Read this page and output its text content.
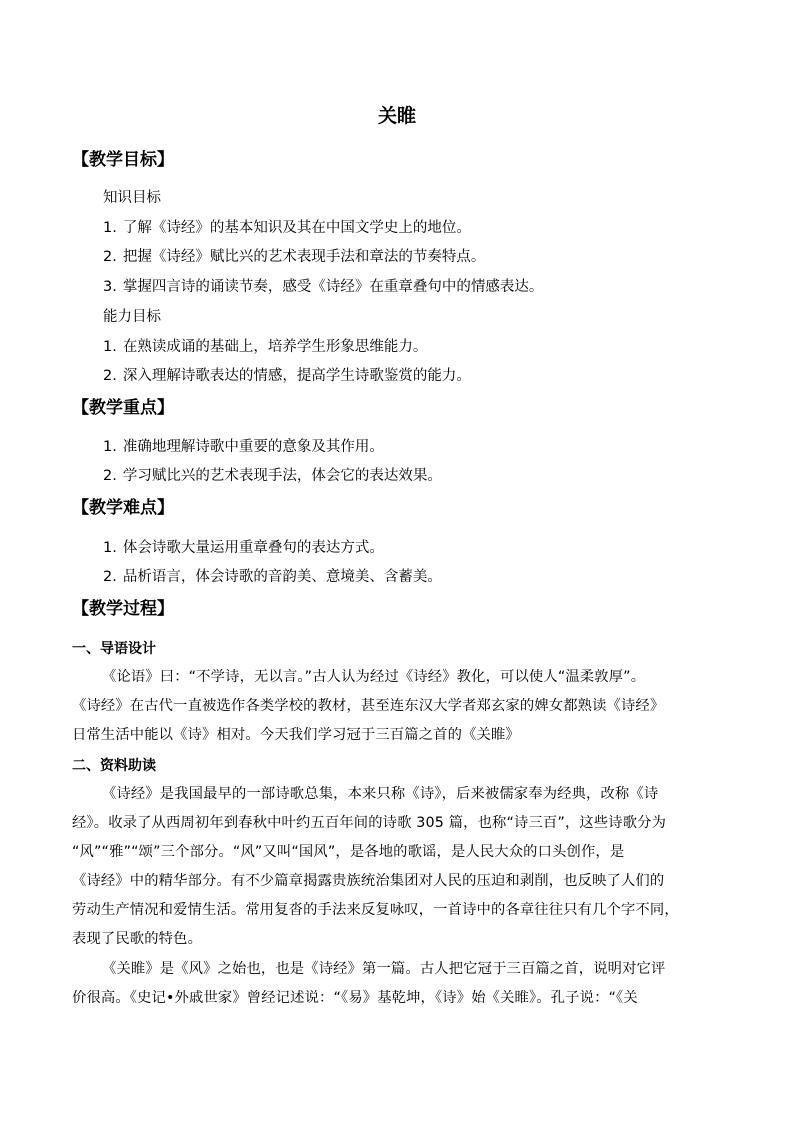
关睢
【教学目标】
知识目标
1. 了解《诗经》的基本知识及其在中国文学史上的地位。
2. 把握《诗经》赋比兴的艺术表现手法和章法的节奏特点。
3. 掌握四言诗的诵读节奏，感受《诗经》在重章叠句中的情感表达。
能力目标
1. 在熟读成诵的基础上，培养学生形象思维能力。
2. 深入理解诗歌表达的情感，提高学生诗歌鉴赏的能力。
【教学重点】
1. 准确地理解诗歌中重要的意象及其作用。
2. 学习赋比兴的艺术表现手法，体会它的表达效果。
【教学难点】
1. 体会诗歌大量运用重章叠句的表达方式。
2. 品析语言，体会诗歌的音韵美、意境美、含蓄美。
【教学过程】
一、导语设计
《论语》曰：“不学诗，无以言。”古人认为经过《诗经》教化，可以使人“温柔敦厚”。
《诗经》在古代一直被选作各类学校的教材，甚至连东汉大学者郑玄家的婢女都熟读《诗经》
日常生活中能以《诗》相对。今天我们学习冠于三百篇之首的《关睢》
二、资料助读
《诗经》是我国最早的一部诗歌总集，本来只称《诗》，后来被儒家奉为经典，改称《诗
经》。收录了从西周初年到春秋中叶约五百年间的诗歌 305 篇，也称“诗三百”，这些诗歌分为
“风”“雅”“颂”三个部分。“风”又叫“国风”，是各地的歌谣，是人民大众的口头创作，是
《诗经》中的精华部分。有不少篇章揭露贵族统治集团对人民的压迫和剥削，也反映了人们的
劳动生产情况和爱情生活。常用复沓的手法来反复咏叹，一首诗中的各章往往只有几个字不同，
表现了民歌的特色。
《关睢》是《风》之始也，也是《诗经》第一篇。古人把它冠于三百篇之首，说明对它评
价很高。《史记•外戚世家》曾经记述说：“《易》基乾坤，《诗》始《关睢》。孔子说：“《关
